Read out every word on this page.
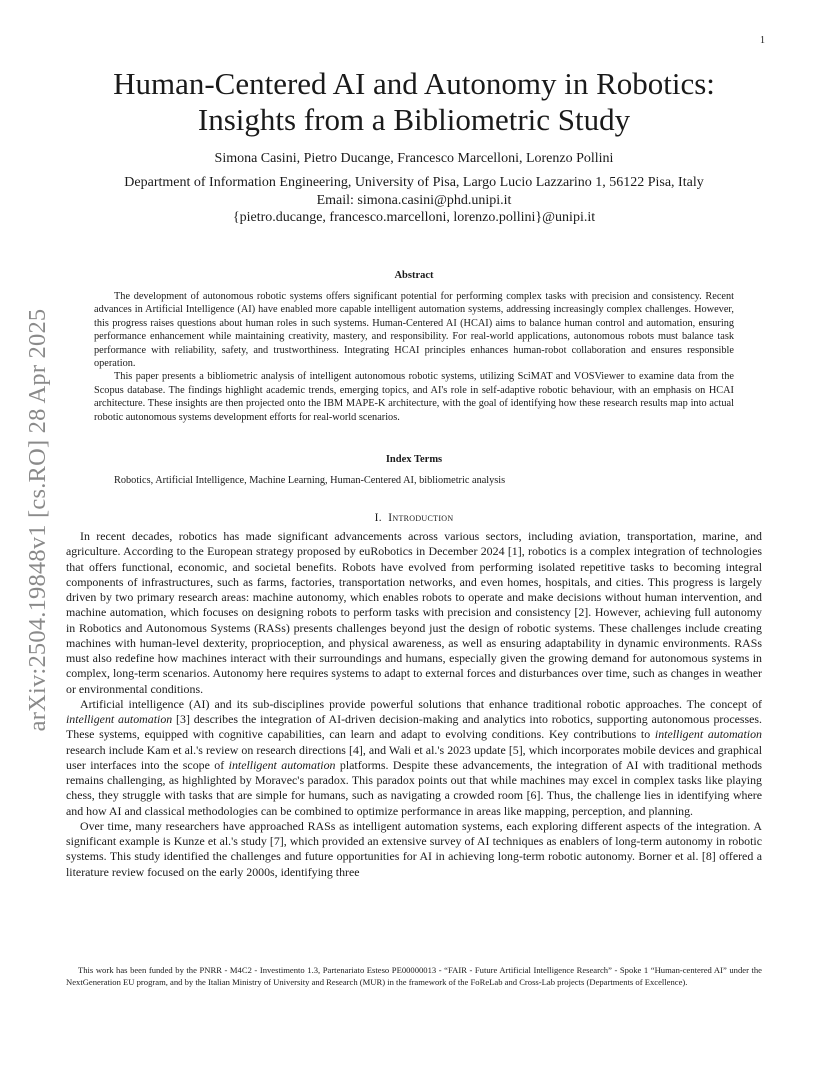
1
arXiv:2504.19848v1 [cs.RO] 28 Apr 2025
Human-Centered AI and Autonomy in Robotics:
Insights from a Bibliometric Study
Simona Casini, Pietro Ducange, Francesco Marcelloni, Lorenzo Pollini
Department of Information Engineering, University of Pisa, Largo Lucio Lazzarino 1, 56122 Pisa, Italy
Email: simona.casini@phd.unipi.it
{pietro.ducange, francesco.marcelloni, lorenzo.pollini}@unipi.it
Abstract

The development of autonomous robotic systems offers significant potential for performing complex tasks with precision and consistency. Recent advances in Artificial Intelligence (AI) have enabled more capable intelligent automation systems, addressing increasingly complex challenges. However, this progress raises questions about human roles in such systems. Human-Centered AI (HCAI) aims to balance human control and automation, ensuring performance enhancement while maintaining creativity, mastery, and responsibility. For real-world applications, autonomous robots must balance task performance with reliability, safety, and trustworthiness. Integrating HCAI principles enhances human-robot collaboration and ensures responsible operation.

This paper presents a bibliometric analysis of intelligent autonomous robotic systems, utilizing SciMAT and VOSViewer to examine data from the Scopus database. The findings highlight academic trends, emerging topics, and AI's role in self-adaptive robotic behaviour, with an emphasis on HCAI architecture. These insights are then projected onto the IBM MAPE-K architecture, with the goal of identifying how these research results map into actual robotic autonomous systems development efforts for real-world scenarios.

Index Terms
Robotics, Artificial Intelligence, Machine Learning, Human-Centered AI, bibliometric analysis
I. Introduction

In recent decades, robotics has made significant advancements across various sectors, including aviation, transportation, marine, and agriculture. According to the European strategy proposed by euRobotics in December 2024 [1], robotics is a complex integration of technologies that offers functional, economic, and societal benefits. Robots have evolved from performing isolated repetitive tasks to becoming integral components of infrastructures, such as farms, factories, transportation networks, and even homes, hospitals, and cities. This progress is largely driven by two primary research areas: machine autonomy, which enables robots to operate and make decisions without human intervention, and machine automation, which focuses on designing robots to perform tasks with precision and consistency [2]. However, achieving full autonomy in Robotics and Autonomous Systems (RASs) presents challenges beyond just the design of robotic systems. These challenges include creating machines with human-level dexterity, proprioception, and physical awareness, as well as ensuring adaptability in dynamic environments. RASs must also redefine how machines interact with their surroundings and humans, especially given the growing demand for autonomous systems in complex, long-term scenarios. Autonomy here requires systems to adapt to external forces and disturbances over time, such as changes in weather or environmental conditions.

Artificial intelligence (AI) and its sub-disciplines provide powerful solutions that enhance traditional robotic approaches. The concept of intelligent automation [3] describes the integration of AI-driven decision-making and analytics into robotics, supporting autonomous processes. These systems, equipped with cognitive capabilities, can learn and adapt to evolving conditions. Key contributions to intelligent automation research include Kam et al.'s review on research directions [4], and Wali et al.'s 2023 update [5], which incorporates mobile devices and graphical user interfaces into the scope of intelligent automation platforms. Despite these advancements, the integration of AI with traditional methods remains challenging, as highlighted by Moravec's paradox. This paradox points out that while machines may excel in complex tasks like playing chess, they struggle with tasks that are simple for humans, such as navigating a crowded room [6]. Thus, the challenge lies in identifying where and how AI and classical methodologies can be combined to optimize performance in areas like mapping, perception, and planning.

Over time, many researchers have approached RASs as intelligent automation systems, each exploring different aspects of the integration. A significant example is Kunze et al.'s study [7], which provided an extensive survey of AI techniques as enablers of long-term autonomy in robotic systems. This study identified the challenges and future opportunities for AI in achieving long-term robotic autonomy. Borner et al. [8] offered a literature review focused on the early 2000s, identifying three

This work has been funded by the PNRR - M4C2 - Investimento 1.3, Partenariato Esteso PE00000013 - “FAIR - Future Artificial Intelligence Research” - Spoke 1 “Human-centered AI” under the NextGeneration EU program, and by the Italian Ministry of University and Research (MUR) in the framework of the FoReLab and Cross-Lab projects (Departments of Excellence).
